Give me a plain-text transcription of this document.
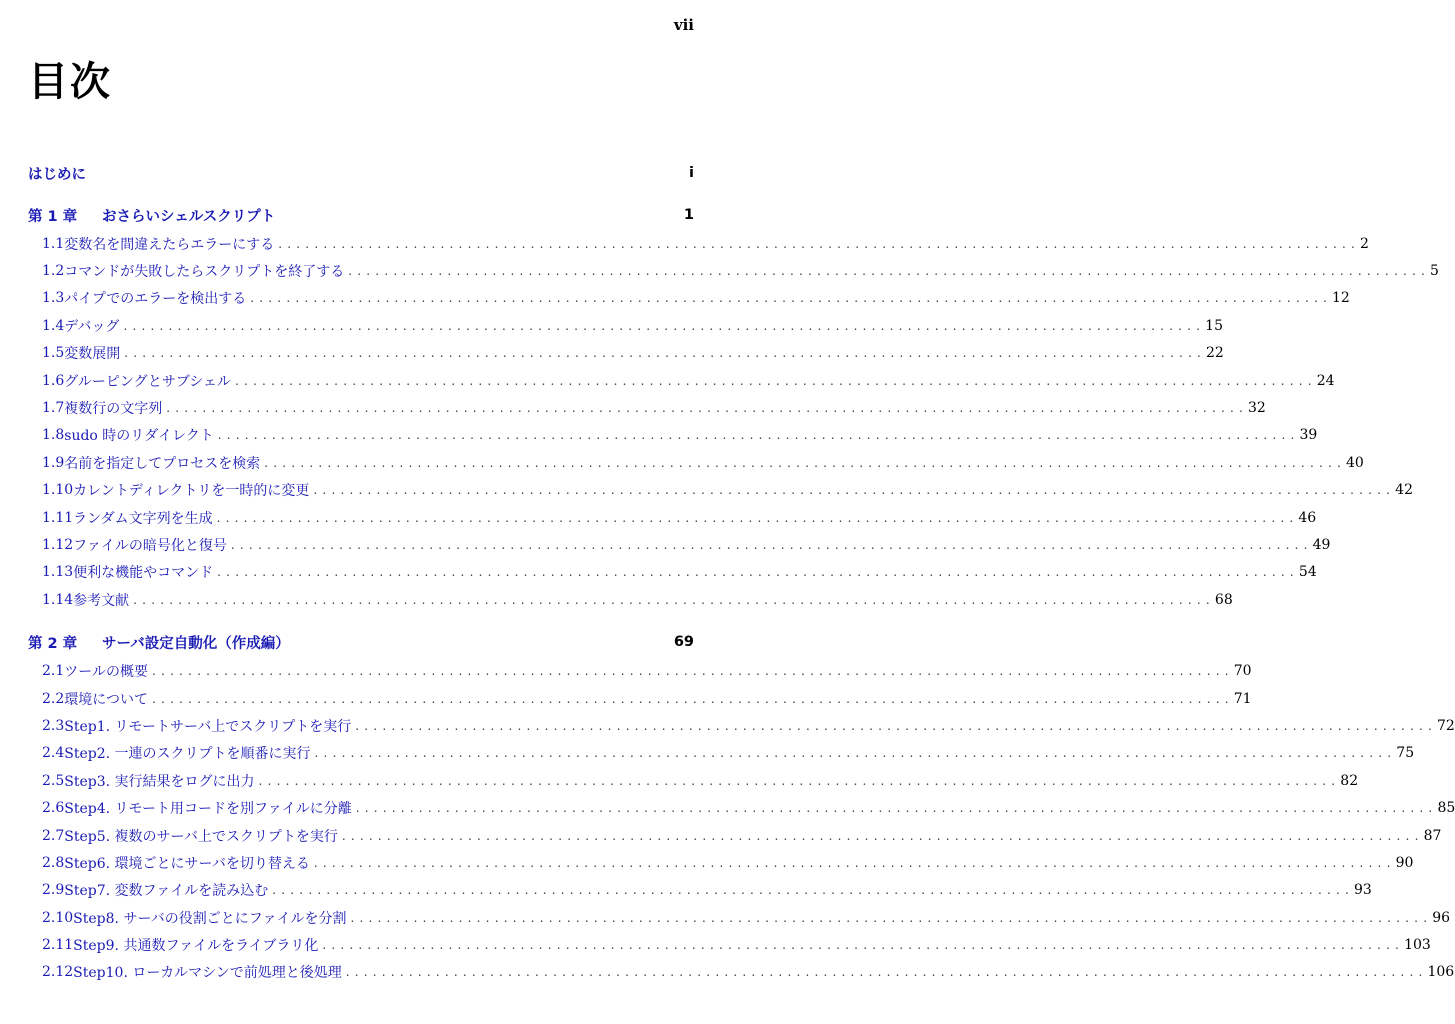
vii
目次
はじめに	i
第 1 章	おさらいシェルスクリプト	1
1.1 変数名を間違えたらエラーにする ........................................................................................................................ 2
1.2 コマンドが失敗したらスクリプトを終了する ........................................................................................................................ 5
1.3 パイプでのエラーを検出する ........................................................................................................................ 12
1.4 デバッグ ........................................................................................................................ 15
1.5 変数展開 ........................................................................................................................ 22
1.6 グルーピングとサブシェル ........................................................................................................................ 24
1.7 複数行の文字列 ........................................................................................................................ 32
1.8 sudo 時のリダイレクト ........................................................................................................................ 39
1.9 名前を指定してプロセスを検索 ........................................................................................................................ 40
1.10 カレントディレクトリを一時的に変更 ........................................................................................................................ 42
1.11 ランダム文字列を生成 ........................................................................................................................ 46
1.12 ファイルの暗号化と復号 ........................................................................................................................ 49
1.13 便利な機能やコマンド ........................................................................................................................ 54
1.14 参考文献 ........................................................................................................................ 68
第 2 章	サーバ設定自動化（作成編）	69
2.1 ツールの概要 ........................................................................................................................ 70
2.2 環境について ........................................................................................................................ 71
2.3 Step1. リモートサーバ上でスクリプトを実行 ........................................................................................................................ 72
2.4 Step2. 一連のスクリプトを順番に実行 ........................................................................................................................ 75
2.5 Step3. 実行結果をログに出力 ........................................................................................................................ 82
2.6 Step4. リモート用コードを別ファイルに分離 ........................................................................................................................ 85
2.7 Step5. 複数のサーバ上でスクリプトを実行 ........................................................................................................................ 87
2.8 Step6. 環境ごとにサーバを切り替える ........................................................................................................................ 90
2.9 Step7. 変数ファイルを読み込む ........................................................................................................................ 93
2.10 Step8. サーバの役割ごとにファイルを分割 ........................................................................................................................ 96
2.11 Step9. 共通数ファイルをライブラリ化 ........................................................................................................................ 103
2.12 Step10. ローカルマシンで前処理と後処理 ........................................................................................................................ 106
